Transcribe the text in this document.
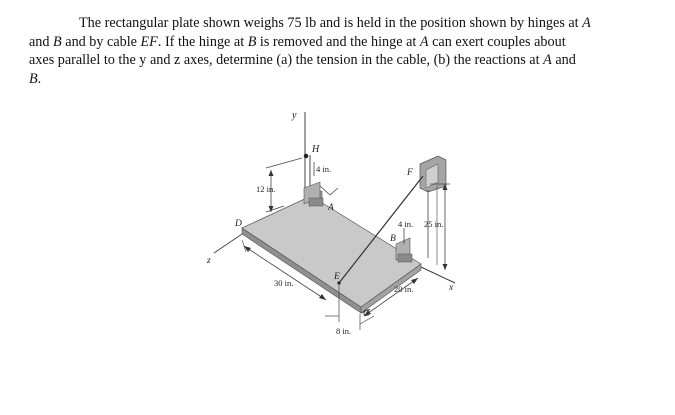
The rectangular plate shown weighs 75 lb and is held in the position shown by hinges at A
and B and by cable EF. If the hinge at B is removed and the hinge at A can exert couples about
axes parallel to the y and z axes, determine (a) the tension in the cable, (b) the reactions at A and
B.

y
H
4 in.
12 in.
A
D
F
4 in. 25 in.
B
z
E
30 in.
20 in.	x
C
8 in.
